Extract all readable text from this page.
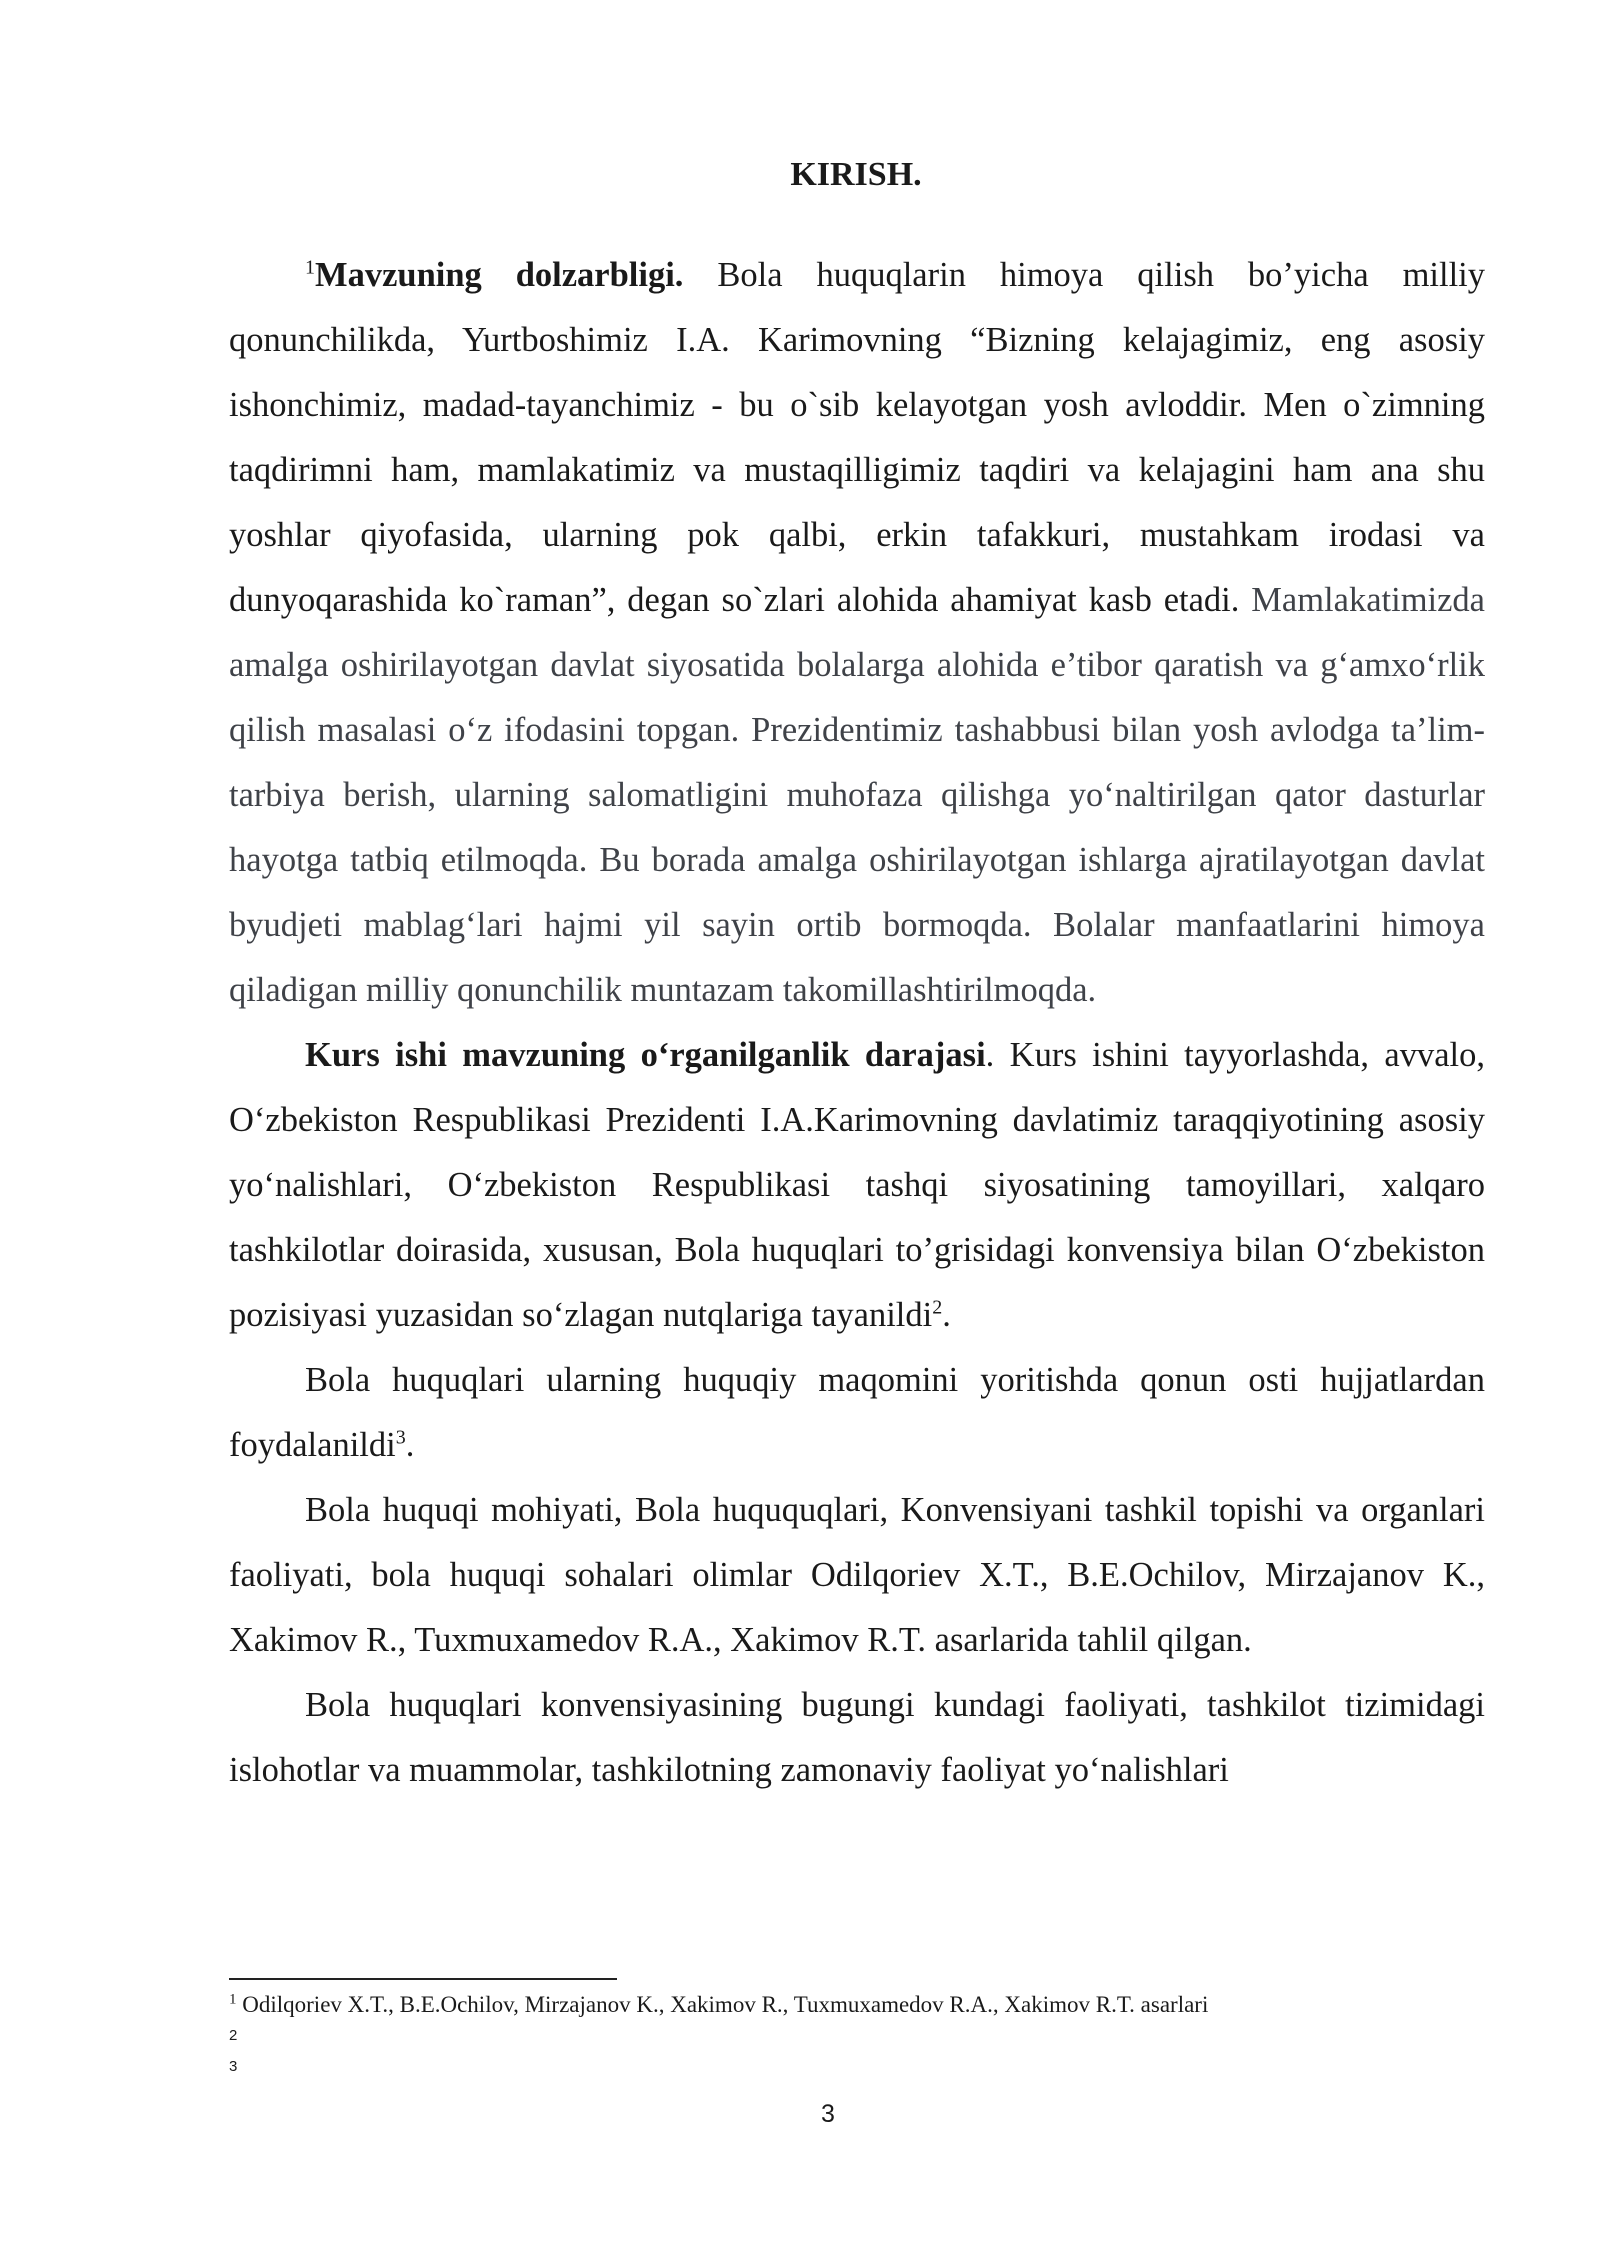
KIRISH.

$^1$Mavzuning dolzarbligi. Bola huquqlarin himoya qilish bo’yicha milliy qonunchilikda, Yurtboshimiz I.A. Karimovning “Bizning kelajagimiz, eng asosiy ishonchimiz, madad-tayanchimiz - bu o`sib kelayotgan yosh avloddir. Men o`zimning taqdirimni ham, mamlakatimiz va mustaqilligimiz taqdiri va kelajagini ham ana shu yoshlar qiyofasida, ularning pok qalbi, erkin tafakkuri, mustahkam irodasi va dunyoqarashida ko`raman”, degan so`zlari alohida ahamiyat kasb etadi. Mamlakatimizda amalga oshirilayotgan davlat siyosatida bolalarga alohida e’tibor qaratish va g‘amxo‘rlik qilish masalasi o‘z ifodasini topgan. Prezidentimiz tashabbusi bilan yosh avlodga ta’lim-tarbiya berish, ularning salomatligini muhofaza qilishga yo‘naltirilgan qator dasturlar hayotga tatbiq etilmoqda. Bu borada amalga oshirilayotgan ishlarga ajratilayotgan davlat byudjeti mablag‘lari hajmi yil sayin ortib bormoqda. Bolalar manfaatlarini himoya qiladigan milliy qonunchilik muntazam takomillashtirilmoqda.

Kurs ishi mavzuning o‘rganilganlik darajasi. Kurs ishini tayyorlashda, avvalo, O‘zbekiston Respublikasi Prezidenti I.A.Karimovning davlatimiz taraqqiyotining asosiy yo‘nalishlari, O‘zbekiston Respublikasi tashqi siyosatining tamoyillari, xalqaro tashkilotlar doirasida, xususan, Bola huquqlari to’grisidagi konvensiya bilan O‘zbekiston pozisiyasi yuzasidan so‘zlagan nutqlariga tayanildi$^2$.

Bola huquqlari ularning huquqiy maqomini yoritishda qonun osti hujjatlardan foydalanildi$^3$.

Bola huquqi mohiyati, Bola huququqlari, Konvensiyani tashkil topishi va organlari faoliyati, bola huquqi sohalari olimlar Odilqoriev X.T., B.E.Ochilov, Mirzajanov K., Xakimov R., Tuxmuxamedov R.A., Xakimov R.T. asarlarida tahlil qilgan.

Bola huquqlari konvensiyasining bugungi kundagi faoliyati, tashkilot tizimidagi islohotlar va muammolar, tashkilotning zamonaviy faoliyat yo‘nalishlari

$^1$ Odilqoriev X.T., B.E.Ochilov, Mirzajanov K., Xakimov R., Tuxmuxamedov R.A., Xakimov R.T. asarlari

2

3

3
